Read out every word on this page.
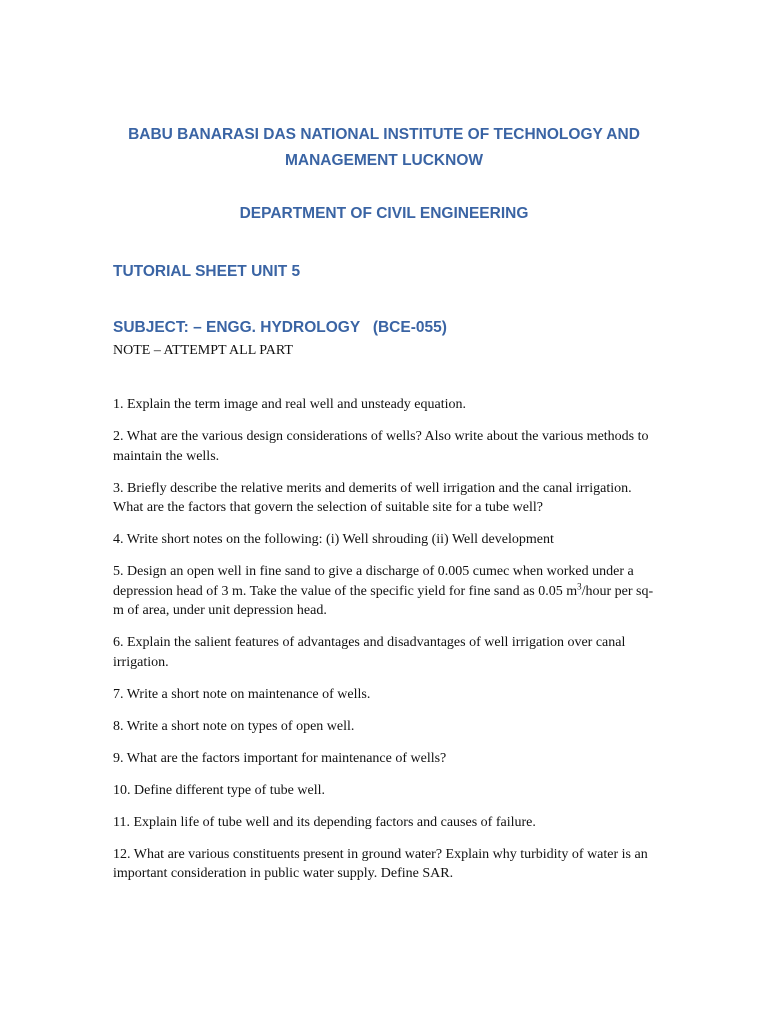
BABU BANARASI DAS NATIONAL INSTITUTE OF TECHNOLOGY AND
MANAGEMENT LUCKNOW
DEPARTMENT OF CIVIL ENGINEERING
TUTORIAL SHEET UNIT 5
SUBJECT: – ENGG. HYDROLOGY   (BCE-055)
NOTE – ATTEMPT ALL PART

1. Explain the term image and real well and unsteady equation.

2. What are the various design considerations of wells? Also write about the various methods to maintain the wells.

3. Briefly describe the relative merits and demerits of well irrigation and the canal irrigation. What are the factors that govern the selection of suitable site for a tube well?

4. Write short notes on the following: (i) Well shrouding (ii) Well development

5. Design an open well in fine sand to give a discharge of 0.005 cumec when worked under a depression head of 3 m. Take the value of the specific yield for fine sand as 0.05 $m^3$/hour per sq-m of area, under unit depression head.

6. Explain the salient features of advantages and disadvantages of well irrigation over canal irrigation.

7. Write a short note on maintenance of wells.

8. Write a short note on types of open well.

9. What are the factors important for maintenance of wells?

10. Define different type of tube well.

11. Explain life of tube well and its depending factors and causes of failure.

12. What are various constituents present in ground water? Explain why turbidity of water is an important consideration in public water supply. Define SAR.
